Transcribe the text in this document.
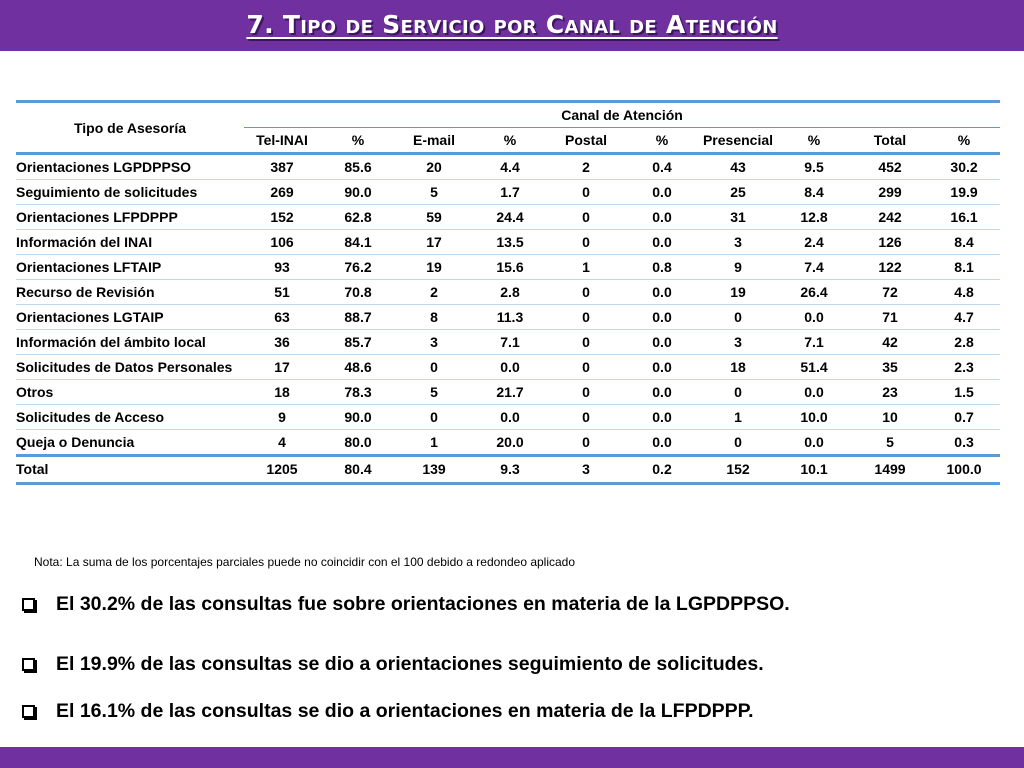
7. Tipo de Servicio por Canal de Atención
Tipo de Asesoría	Canal de Atención									
	Tel-INAI	%	E-mail	%	Postal	%	Presencial	%	Total	%
Orientaciones LGPDPPSO	387	85.6	20	4.4	2	0.4	43	9.5	452	30.2
Seguimiento de solicitudes	269	90.0	5	1.7	0	0.0	25	8.4	299	19.9
Orientaciones LFPDPPP	152	62.8	59	24.4	0	0.0	31	12.8	242	16.1
Información del INAI	106	84.1	17	13.5	0	0.0	3	2.4	126	8.4
Orientaciones LFTAIP	93	76.2	19	15.6	1	0.8	9	7.4	122	8.1
Recurso de Revisión	51	70.8	2	2.8	0	0.0	19	26.4	72	4.8
Orientaciones LGTAIP	63	88.7	8	11.3	0	0.0	0	0.0	71	4.7
Información del ámbito local	36	85.7	3	7.1	0	0.0	3	7.1	42	2.8
Solicitudes de Datos Personales	17	48.6	0	0.0	0	0.0	18	51.4	35	2.3
Otros	18	78.3	5	21.7	0	0.0	0	0.0	23	1.5
Solicitudes de Acceso	9	90.0	0	0.0	0	0.0	1	10.0	10	0.7
Queja o Denuncia	4	80.0	1	20.0	0	0.0	0	0.0	5	0.3
Total	1205	80.4	139	9.3	3	0.2	152	10.1	1499	100.0
Nota: La suma de los porcentajes parciales puede no coincidir con el 100 debido a redondeo aplicado
El 30.2% de las consultas fue sobre orientaciones en materia de la LGPDPPSO.
El 19.9% de las consultas se dio a orientaciones seguimiento de solicitudes.
El 16.1% de las consultas se dio a orientaciones en materia de la LFPDPPP.
